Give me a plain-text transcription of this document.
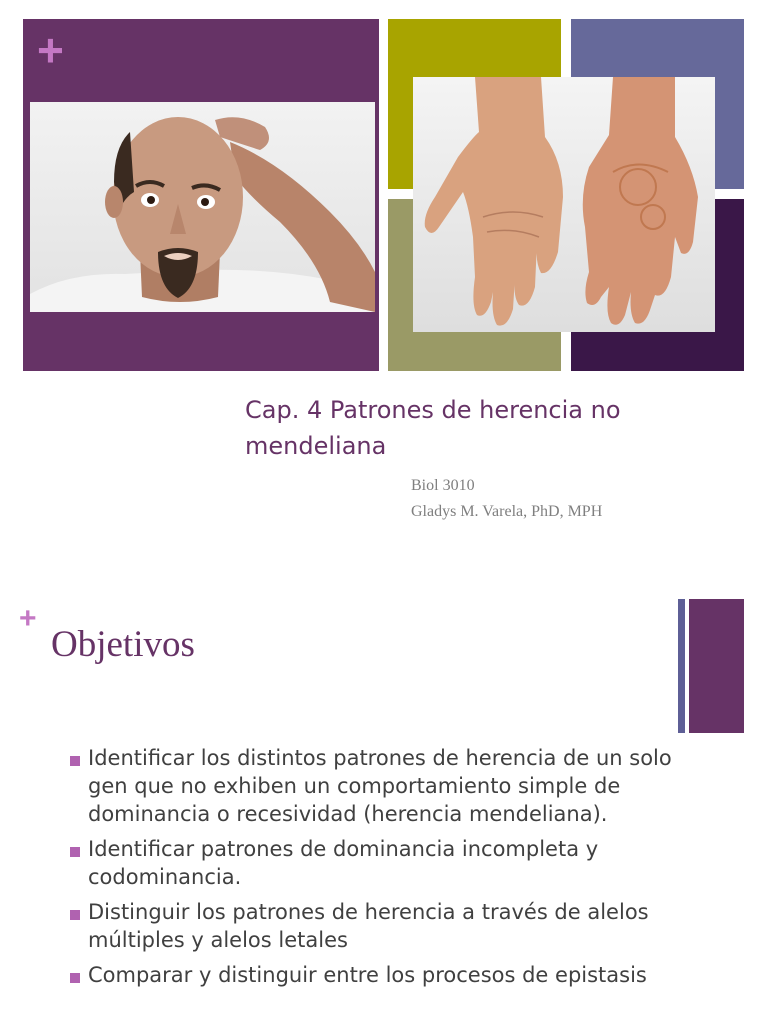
+
Cap. 4 Patrones de herencia no mendeliana
Biol 3010
Gladys M. Varela, PhD, MPH
+
Objetivos
Identificar los distintos patrones de herencia de un solo gen que no exhiben un comportamiento simple de dominancia o recesividad (herencia mendeliana).
Identificar patrones de dominancia incompleta y codominancia.
Distinguir los patrones de herencia a través de alelos múltiples y alelos letales
Comparar y distinguir entre los procesos de epistasis
